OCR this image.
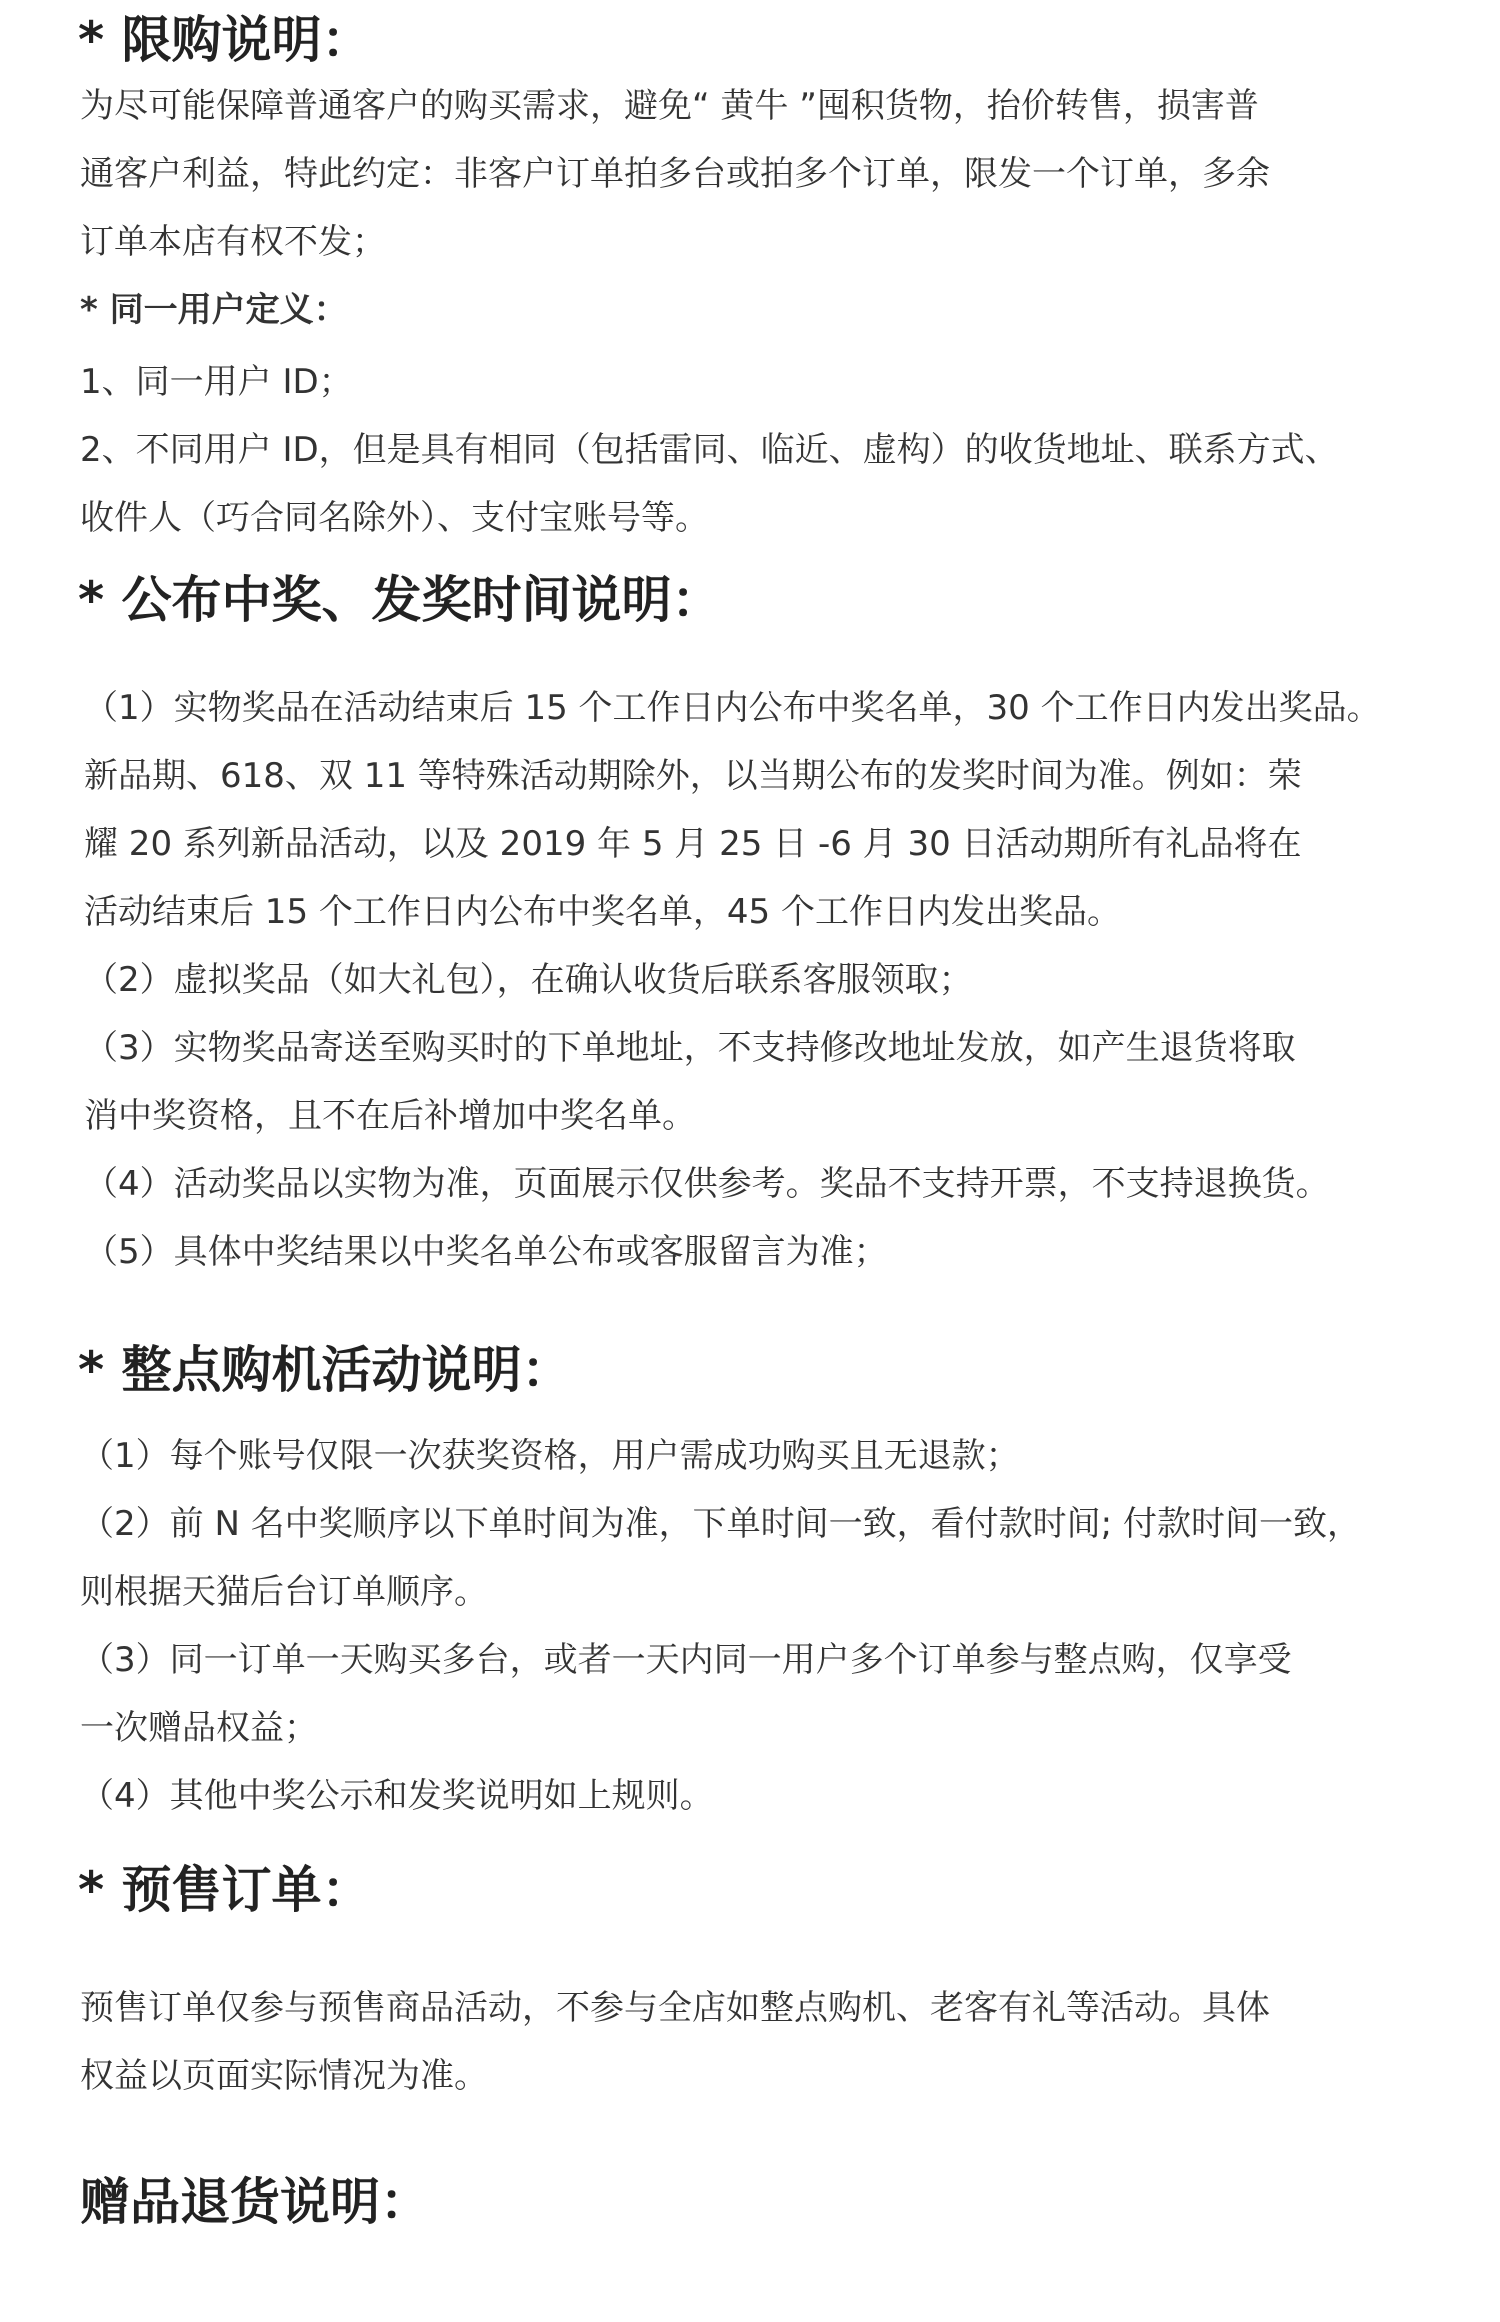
* 限购说明：

为尽可能保障普通客户的购买需求，避免“ 黄牛 ”囤积货物，抬价转售，损害普

通客户利益，特此约定：非客户订单拍多台或拍多个订单，限发一个订单，多余

订单本店有权不发；

* 同一用户定义：

1、同一用户 ID；

2、不同用户 ID，但是具有相同（包括雷同、临近、虚构）的收货地址、联系方式、

收件人（巧合同名除外）、支付宝账号等。

* 公布中奖、发奖时间说明：

（1）实物奖品在活动结束后 15 个工作日内公布中奖名单，30 个工作日内发出奖品。

新品期、618、双 11 等特殊活动期除外，以当期公布的发奖时间为准。例如：荣

耀 20 系列新品活动，以及 2019 年 5 月 25 日 -6 月 30 日活动期所有礼品将在

活动结束后 15 个工作日内公布中奖名单，45 个工作日内发出奖品。

（2）虚拟奖品（如大礼包），在确认收货后联系客服领取；

（3）实物奖品寄送至购买时的下单地址，不支持修改地址发放，如产生退货将取

消中奖资格，且不在后补增加中奖名单。

（4）活动奖品以实物为准，页面展示仅供参考。奖品不支持开票，不支持退换货。

（5）具体中奖结果以中奖名单公布或客服留言为准；

* 整点购机活动说明：

（1）每个账号仅限一次获奖资格，用户需成功购买且无退款；

（2）前 N 名中奖顺序以下单时间为准，下单时间一致，看付款时间; 付款时间一致，

则根据天猫后台订单顺序。

（3）同一订单一天购买多台，或者一天内同一用户多个订单参与整点购，仅享受

一次赠品权益；

（4）其他中奖公示和发奖说明如上规则。

* 预售订单：

预售订单仅参与预售商品活动，不参与全店如整点购机、老客有礼等活动。具体

权益以页面实际情况为准。

赠品退货说明：
